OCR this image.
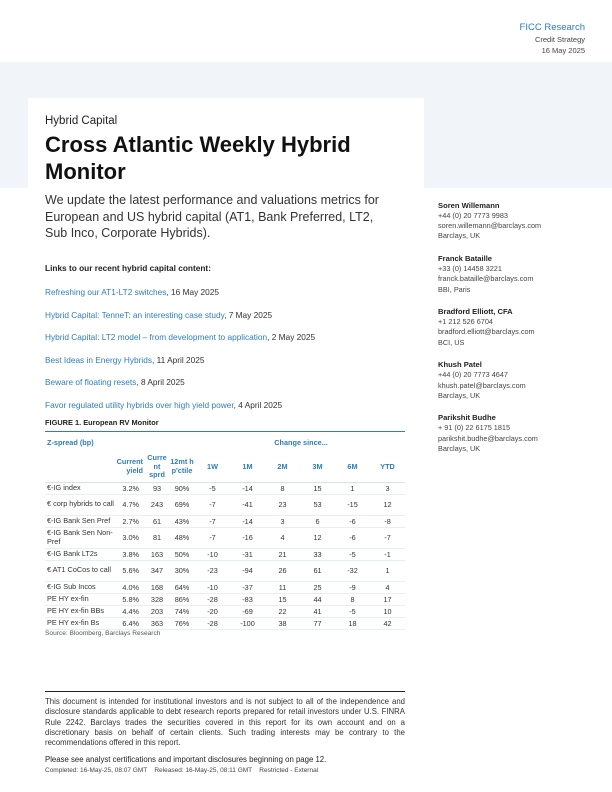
FICC Research
Credit Strategy
16 May 2025
Hybrid Capital
Cross Atlantic Weekly Hybrid Monitor

We update the latest performance and valuations metrics for European and US hybrid capital (AT1, Bank Preferred, LT2, Sub Inco, Corporate Hybrids).

Links to our recent hybrid capital content:
Refreshing our AT1-LT2 switches, 16 May 2025
Hybrid Capital: TenneT: an interesting case study, 7 May 2025
Hybrid Capital: LT2 model – from development to application, 2 May 2025
Best Ideas in Energy Hybrids, 11 April 2025
Beware of floating resets, 8 April 2025
Favor regulated utility hybrids over high yield power, 4 April 2025
Soren Willemann
+44 (0) 20 7773 9983
soren.willemann@barclays.com
Barclays, UK
Franck Bataille
+33 (0) 14458 3221
franck.bataille@barclays.com
BBI, Paris
Bradford Elliott, CFA
+1 212 526 6704
bradford.elliott@barclays.com
BCI, US
Khush Patel
+44 (0) 20 7773 4647
khush.patel@barclays.com
Barclays, UK
Parikshit Budhe
+ 91 (0) 22 6175 1815
parikshit.budhe@barclays.com
Barclays, UK
FIGURE 1. European RV Monitor
Z-spread (bp)				Change since...					
	Current yield	Curre nt sprd	12mt h p'ctile	1W	1M	2M	3M	6M	YTD
€-IG index	3.2%	93	90%	-5	-14	8	15	1	3
€ corp hybrids to call	4.7%	243	69%	-7	-41	23	53	-15	12
€-IG Bank Sen Pref	2.7%	61	43%	-7	-14	3	6	-6	-8
€-IG Bank Sen Non-Pref	3.0%	81	48%	-7	-16	4	12	-6	-7
€-IG Bank LT2s	3.8%	163	50%	-10	-31	21	33	-5	-1
€ AT1 CoCos to call	5.6%	347	30%	-23	-94	26	61	-32	1
€-IG Sub Incos	4.0%	168	64%	-10	-37	11	25	-9	4
PE HY ex-fin	5.8%	328	86%	-28	-83	15	44	8	17
PE HY ex-fin BBs	4.4%	203	74%	-20	-69	22	41	-5	10
PE HY ex-fin Bs	6.4%	363	76%	-28	-100	38	77	18	42
Source: Bloomberg, Barclays Research

This document is intended for institutional investors and is not subject to all of the independence and disclosure standards applicable to debt research reports prepared for retail investors under U.S. FINRA Rule 2242. Barclays trades the securities covered in this report for its own account and on a discretionary basis on behalf of certain clients. Such trading interests may be contrary to the recommendations offered in this report.

Please see analyst certifications and important disclosures beginning on page 12.
Completed: 16-May-25, 08:07 GMT Released: 16-May-25, 08:11 GMT Restricted - External
